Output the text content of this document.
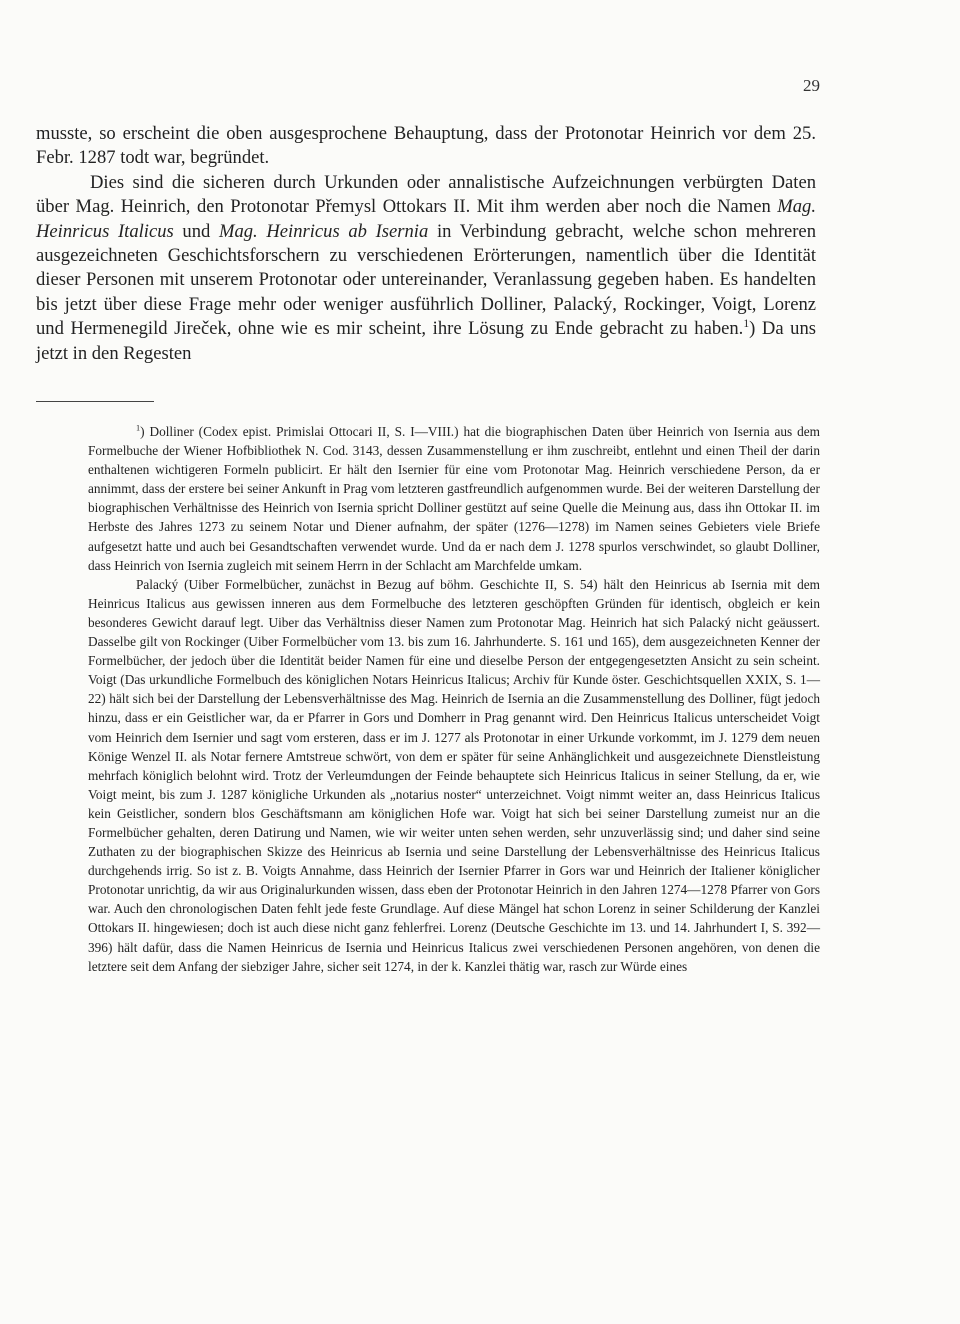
29

musste, so erscheint die oben ausgesprochene Behauptung, dass der Protonotar Heinrich vor dem 25. Febr. 1287 todt war, begründet.

Dies sind die sicheren durch Urkunden oder annalistische Aufzeichnungen verbürgten Daten über Mag. Heinrich, den Protonotar Přemysl Ottokars II. Mit ihm werden aber noch die Namen Mag. Heinricus Italicus und Mag. Heinricus ab Isernia in Verbindung gebracht, welche schon mehreren ausgezeichneten Geschichtsforschern zu verschiedenen Erörterungen, namentlich über die Identität dieser Personen mit unserem Protonotar oder untereinander, Veranlassung gegeben haben. Es handelten bis jetzt über diese Frage mehr oder weniger ausführlich Dolliner, Palacký, Rockinger, Voigt, Lorenz und Hermenegild Jireček, ohne wie es mir scheint, ihre Lösung zu Ende gebracht zu haben.$^1$) Da uns jetzt in den Regesten

$^1$) Dolliner (Codex epist. Primislai Ottocari II, S. I—VIII.) hat die biographischen Daten über Heinrich von Isernia aus dem Formelbuche der Wiener Hofbibliothek N. Cod. 3143, dessen Zusammenstellung er ihm zuschreibt, entlehnt und einen Theil der darin enthaltenen wichtigeren Formeln publicirt. Er hält den Isernier für eine vom Protonotar Mag. Heinrich verschiedene Person, da er annimmt, dass der erstere bei seiner Ankunft in Prag vom letzteren gastfreundlich aufgenommen wurde. Bei der weiteren Darstellung der biographischen Verhältnisse des Heinrich von Isernia spricht Dolliner gestützt auf seine Quelle die Meinung aus, dass ihn Ottokar II. im Herbste des Jahres 1273 zu seinem Notar und Diener aufnahm, der später (1276—1278) im Namen seines Gebieters viele Briefe aufgesetzt hatte und auch bei Gesandtschaften verwendet wurde. Und da er nach dem J. 1278 spurlos verschwindet, so glaubt Dolliner, dass Heinrich von Isernia zugleich mit seinem Herrn in der Schlacht am Marchfelde umkam.

Palacký (Uiber Formelbücher, zunächst in Bezug auf böhm. Geschichte II, S. 54) hält den Heinricus ab Isernia mit dem Heinricus Italicus aus gewissen inneren aus dem Formelbuche des letzteren geschöpften Gründen für identisch, obgleich er kein besonderes Gewicht darauf legt. Uiber das Verhältniss dieser Namen zum Protonotar Mag. Heinrich hat sich Palacký nicht geäussert. Dasselbe gilt von Rockinger (Uiber Formelbücher vom 13. bis zum 16. Jahrhunderte. S. 161 und 165), dem ausgezeichneten Kenner der Formelbücher, der jedoch über die Identität beider Namen für eine und dieselbe Person der entgegengesetzten Ansicht zu sein scheint. Voigt (Das urkundliche Formelbuch des königlichen Notars Heinricus Italicus; Archiv für Kunde öster. Geschichtsquellen XXIX, S. 1—22) hält sich bei der Darstellung der Lebensverhältnisse des Mag. Heinrich de Isernia an die Zusammenstellung des Dolliner, fügt jedoch hinzu, dass er ein Geistlicher war, da er Pfarrer in Gors und Domherr in Prag genannt wird. Den Heinricus Italicus unterscheidet Voigt vom Heinrich dem Isernier und sagt vom ersteren, dass er im J. 1277 als Protonotar in einer Urkunde vorkommt, im J. 1279 dem neuen Könige Wenzel II. als Notar fernere Amtstreue schwört, von dem er später für seine Anhänglichkeit und ausgezeichnete Dienstleistung mehrfach königlich belohnt wird. Trotz der Verleumdungen der Feinde behauptete sich Heinricus Italicus in seiner Stellung, da er, wie Voigt meint, bis zum J. 1287 königliche Urkunden als „notarius noster“ unterzeichnet. Voigt nimmt weiter an, dass Heinricus Italicus kein Geistlicher, sondern blos Geschäftsmann am königlichen Hofe war. Voigt hat sich bei seiner Darstellung zumeist nur an die Formelbücher gehalten, deren Datirung und Namen, wie wir weiter unten sehen werden, sehr unzuverlässig sind; und daher sind seine Zuthaten zu der biographischen Skizze des Heinricus ab Isernia und seine Darstellung der Lebensverhältnisse des Heinricus Italicus durchgehends irrig. So ist z. B. Voigts Annahme, dass Heinrich der Isernier Pfarrer in Gors war und Heinrich der Italiener königlicher Protonotar unrichtig, da wir aus Originalurkunden wissen, dass eben der Protonotar Heinrich in den Jahren 1274—1278 Pfarrer von Gors war. Auch den chronologischen Daten fehlt jede feste Grundlage. Auf diese Mängel hat schon Lorenz in seiner Schilderung der Kanzlei Ottokars II. hingewiesen; doch ist auch diese nicht ganz fehlerfrei. Lorenz (Deutsche Geschichte im 13. und 14. Jahrhundert I, S. 392—396) hält dafür, dass die Namen Heinricus de Isernia und Heinricus Italicus zwei verschiedenen Personen angehören, von denen die letztere seit dem Anfang der siebziger Jahre, sicher seit 1274, in der k. Kanzlei thätig war, rasch zur Würde eines
